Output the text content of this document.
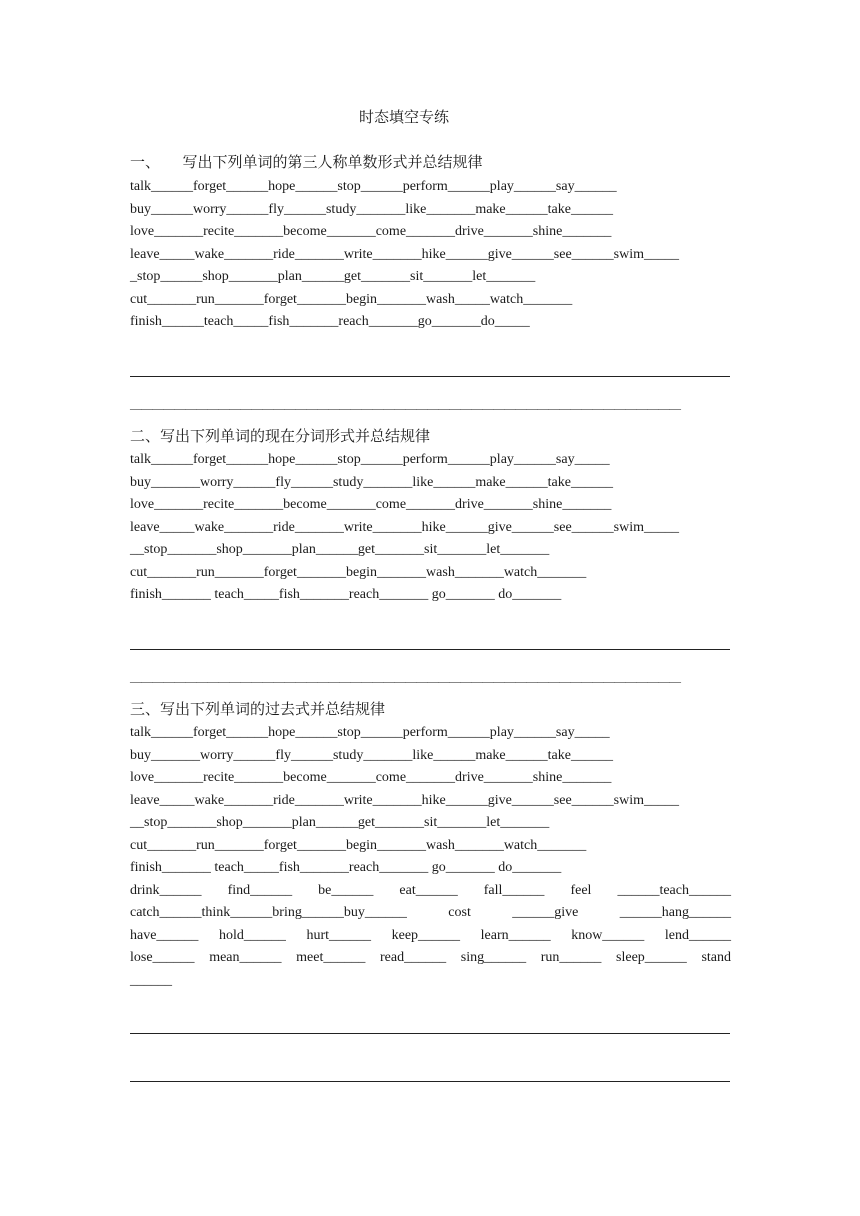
时态填空专练
一、      写出下列单词的第三人称单数形式并总结规律
talk______forget______hope______stop______perform______play______say______
buy______worry______fly______study_______like_______make______take______
love_______recite_______become_______come_______drive_______shine_______
leave_____wake_______ride_______write_______hike______give______see______swim_____
_stop______shop_______plan______get_______sit_______let_______
cut_______run_______forget_______begin_______wash_____watch_______
finish______teach_____fish_______reach_______go_______do_____
——————————————————————————————————————————————————
二、写出下列单词的现在分词形式并总结规律
talk______forget______hope______stop______perform______play______say_____
buy_______worry______fly______study_______like______make______take______
love_______recite_______become_______come_______drive_______shine_______
leave_____wake_______ride_______write_______hike______give______see______swim_____
__stop_______shop_______plan______get_______sit_______let_______
cut_______run_______forget_______begin_______wash_______watch_______
finish_______ teach_____fish_______reach_______ go_______ do_______
——————————————————————————————————————————————————
三、写出下列单词的过去式并总结规律
talk______forget______hope______stop______perform______play______say_____
buy_______worry______fly______study_______like______make______take______
love_______recite_______become_______come_______drive_______shine_______
leave_____wake_______ride_______write_______hike______give______see______swim_____
__stop_______shop_______plan______get_______sit_______let_______
cut_______run_______forget_______begin_______wash_______watch_______
finish_______ teach_____fish_______reach_______ go_______ do_______
drink______ find______ be______ eat______ fall______ feel ______teach______
catch______think______bring______buy______ cost ______give ______hang______
have______ hold______ hurt______ keep______ learn______ know______ lend______
lose______ mean______ meet______ read______ sing______ run______ sleep______ stand
______
